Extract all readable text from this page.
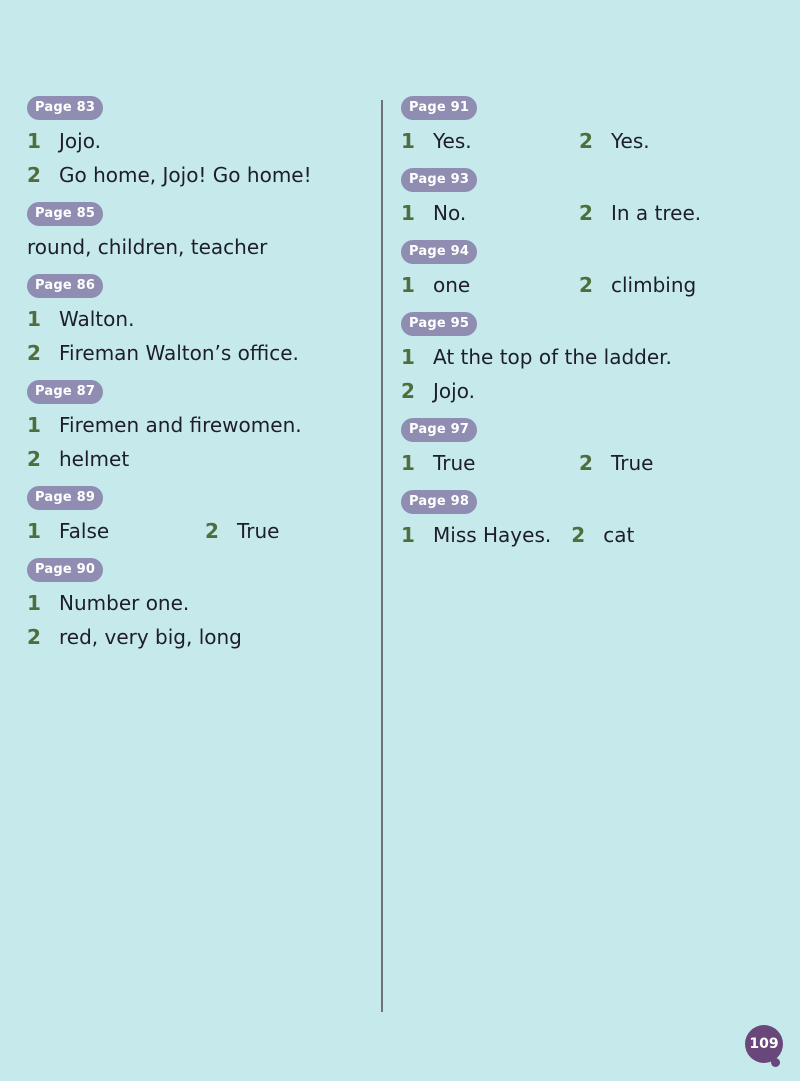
Page 83
1 Jojo.
2 Go home, Jojo! Go home!
Page 85
round, children, teacher
Page 86
1 Walton.
2 Fireman Walton’s office.
Page 87
1 Firemen and firewomen.
2 helmet
Page 89
1 False	2 True
Page 90
1 Number one.
2 red, very big, long
Page 91
1 Yes.	2 Yes.
Page 93
1 No.	2 In a tree.
Page 94
1 one	2 climbing
Page 95
1 At the top of the ladder.
2 Jojo.
Page 97
1 True	2 True
Page 98
1 Miss Hayes. 2 cat
109
